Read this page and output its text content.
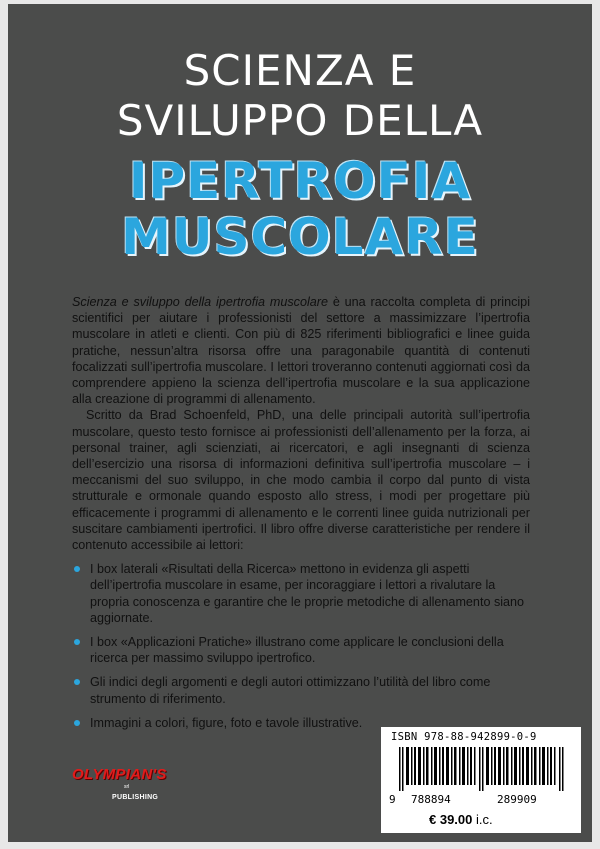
SCIENZA E
SVILUPPO DELLA
IPERTROFIA
MUSCOLARE

Scienza e sviluppo della ipertrofia muscolare è una raccolta completa di principi scientifici per aiutare i professionisti del settore a massimizzare l’ipertrofia muscolare in atleti e clienti. Con più di 825 riferimenti bibliografici e linee guida pratiche, nessun’altra risorsa offre una paragonabile quantità di contenuti focalizzati sull’ipertrofia muscolare. I lettori troveranno contenuti aggiornati così da comprendere appieno la scienza dell’ipertrofia muscolare e la sua applicazione alla creazione di programmi di allenamento.

Scritto da Brad Schoenfeld, PhD, una delle principali autorità sull’ipertrofia muscolare, questo testo fornisce ai professionisti dell’allenamento per la forza, ai personal trainer, agli scienziati, ai ricercatori, e agli insegnanti di scienza dell’esercizio una risorsa di informazioni definitiva sull’ipertrofia muscolare – i meccanismi del suo sviluppo, in che modo cambia il corpo dal punto di vista strutturale e ormonale quando esposto allo stress, i modi per progettare più efficacemente i programmi di allenamento e le correnti linee guida nutrizionali per suscitare cambiamenti ipertrofici. Il libro offre diverse caratteristiche per rendere il contenuto accessibile ai lettori:

I box laterali «Risultati della Ricerca» mettono in evidenza gli aspetti dell’ipertrofia muscolare in esame, per incoraggiare i lettori a rivalutare la propria conoscenza e garantire che le proprie metodiche di allenamento siano aggiornate.
I box «Applicazioni Pratiche» illustrano come applicare le conclusioni della ricerca per massimo sviluppo ipertrofico.
Gli indici degli argomenti e degli autori ottimizzano l’utilità del libro come strumento di riferimento.
Immagini a colori, figure, foto e tavole illustrative.
OLYMPIAN'S
srl
PUBLISHING
ISBN 978-88-942899-0-9
9 788894	289909
€ 39.00 i.c.
